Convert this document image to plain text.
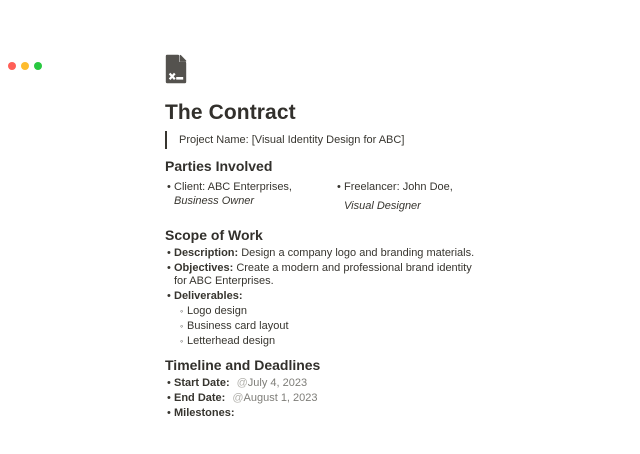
The Contract
Project Name: [Visual Identity Design for ABC]
Parties Involved
• Client: ABC Enterprises,
Business Owner
• Freelancer: John Doe,
Visual Designer
Scope of Work
• Description: Design a company logo and branding materials.
• Objectives: Create a modern and professional brand identity for ABC Enterprises.
• Deliverables:
◦ Logo design
◦ Business card layout
◦ Letterhead design
Timeline and Deadlines
• Start Date: @July 4, 2023
• End Date: @August 1, 2023
• Milestones:
